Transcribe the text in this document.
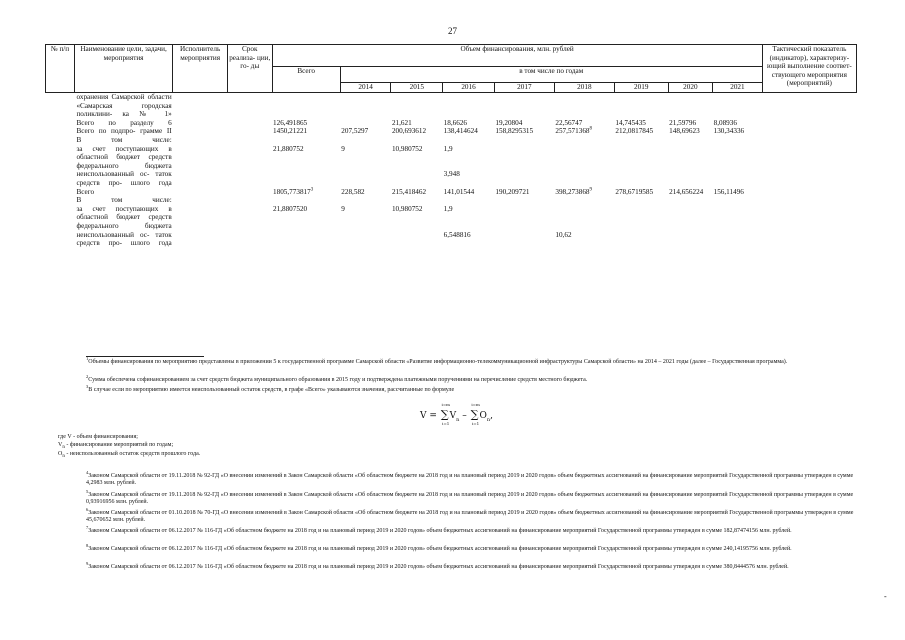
27
№ п/п	Наименование цели, задачи, мероприятия	Исполнитель мероприятия	Срок реализа- ции, го- ды	Объем финансирования, млн. рублей									Тактический показатель (индикатор), характеризу- ющий выполнение соответ- ствующего мероприятия (мероприятий)
				Всего	в том числе по годам								
					2014	2015	2016	2017	2018	2019	2020	2021	
	охранения Самарской области «Самарская городская поликлини- ка № 1»												
	Всего по разделу 6			126,491865		21,621	18,6626	19,20804	22,56747	14,745435	21,59796	8,08936	
	Всего по подпро- грамме II			1450,21221	207,5297	200,693612	138,414624	158,8295315	257,571368$^8$	212,0817845	148,69623	130,34336	
	В том числе:												
	за счет поступающих в областной бюджет средств федерального бюджета			21,880752	9	10,980752	1,9						
	неиспользованный ос- таток средств про- шлого года						3,948						
	Всего			1805,773817$^3$	228,582	215,418462	141,01544	190,209721	398,273868$^9$	278,6719585	214,656224	156,11496	
	В том числе:												
	за счет поступающих в областной бюджет средств федерального бюджета			21,8807520	9	10,980752	1,9						
	неиспользованный ос- таток средств про- шлого года						6,548816		10,62				
$^1$Объемы финансирования по мероприятию представлены в приложении 5 к государственной программе Самарской области «Развитие информационно-телекоммуникационной инфраструктуры Самарской области» на 2014 – 2021 годы (далее – Государственная программа).
$^2$Сумма обеспечена софинансированием за счет средств бюджета муниципального образования в 2015 году и подтверждена платежными поручениями на перечисление средств местного бюджета.
$^3$В случае если по мероприятию имеется неиспользованный остаток средств, в графе «Всего» указываются значения, рассчитанные по формуле
V = ∑
i=m
i=1
$V_n$ – ∑
i=m
i=1
$O_n$,
где V - объем финансирования;
$V_n$ - финансирование мероприятий по годам;
$O_n$ - неиспользованный остаток средств прошлого года.
$^4$Законом Самарской области от 19.11.2018 № 92-ГД «О внесении изменений в Закон Самарской области «Об областном бюджете на 2018 год и на плановый период 2019 и 2020 годов» объем бюджетных ассигнований на финансирование мероприятий Государственной программы утвержден в сумме 4,2983 млн. рублей.
$^5$Законом Самарской области от 19.11.2018 № 92-ГД «О внесении изменений в Закон Самарской области «Об областном бюджете на 2018 год и на плановый период 2019 и 2020 годов» объем бюджетных ассигнований на финансирование мероприятий Государственной программы утвержден в сумме 0,93916956 млн. рублей.
$^6$Законом Самарской области от 01.10.2018 № 70-ГД «О внесении изменений в Закон Самарской области «Об областном бюджете на 2018 год и на плановый период 2019 и 2020 годов» объем бюджетных ассигнований на финансирование мероприятий Государственной программы утвержден в сумме 45,670652 млн. рублей.
$^7$Законом Самарской области от 06.12.2017 № 116-ГД «Об областном бюджете на 2018 год и на плановый период 2019 и 2020 годов» объем бюджетных ассигнований на финансирование мероприятий Государственной программы утвержден в сумме 182,87474156 млн. рублей.
$^8$Законом Самарской области от 06.12.2017 № 116-ГД «Об областном бюджете на 2018 год и на плановый период 2019 и 2020 годов» объем бюджетных ассигнований на финансирование мероприятий Государственной программы утвержден в сумме 240,14195756 млн. рублей.
$^9$Законом Самарской области от 06.12.2017 № 116-ГД «Об областном бюджете на 2018 год и на плановый период 2019 и 2020 годов» объем бюджетных ассигнований на финансирование мероприятий Государственной программы утвержден в сумме 380,8444576 млн. рублей.
-
